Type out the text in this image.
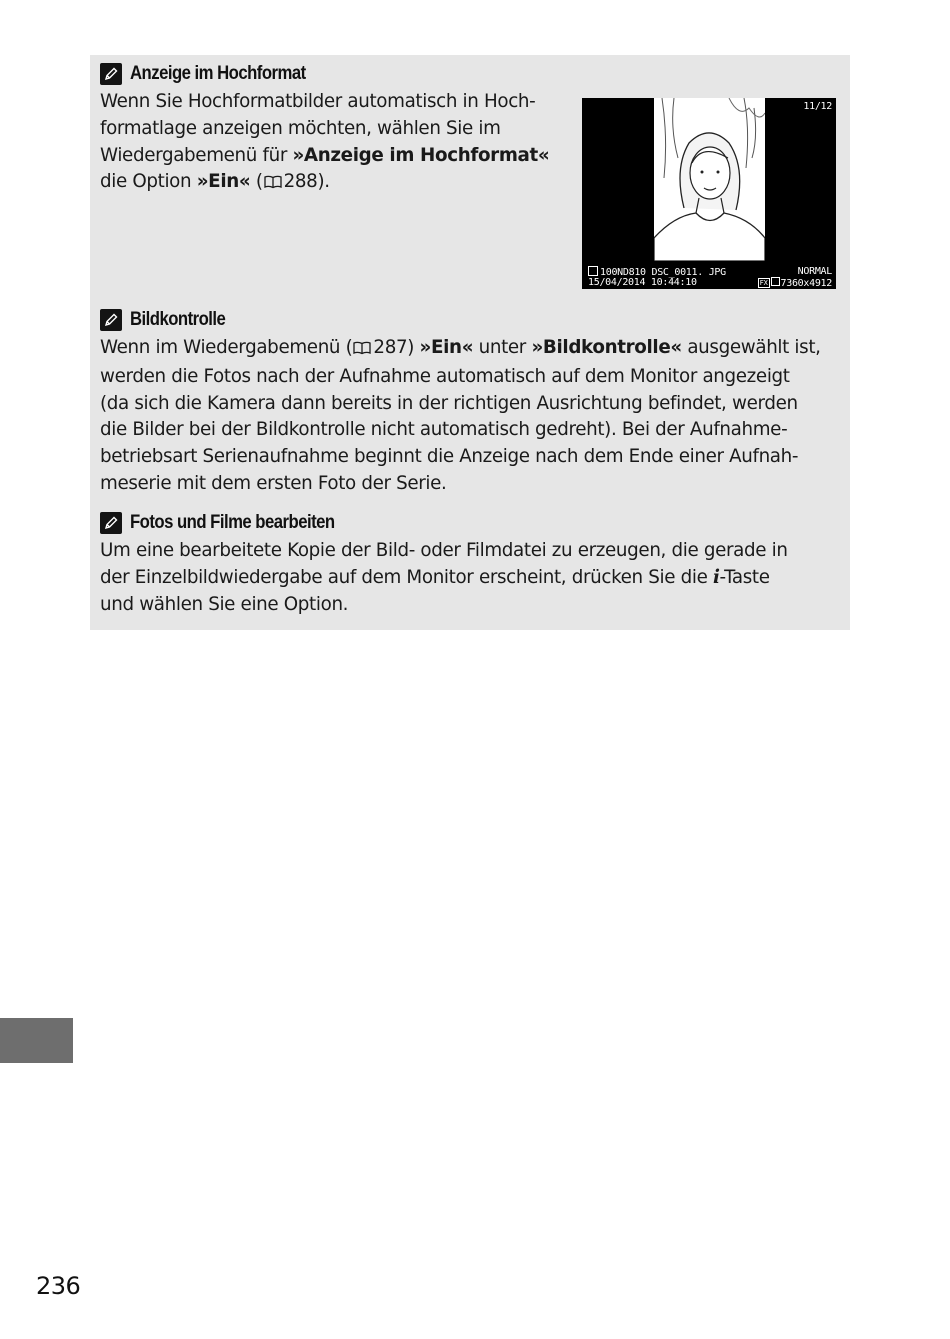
Anzeige im Hochformat

Wenn Sie Hochformatbilder automatisch in Hoch-
formatlage anzeigen möchten, wählen Sie im
Wiedergabemenü für »Anzeige im Hochformat«
die Option »Ein« ( 288).

11/12
100ND810 DSC_0011. JPG	NORMAL
15/04/2014 10:44:10	FX 7360x4912
Bildkontrolle

Wenn im Wiedergabemenü ( 287) »Ein« unter »Bildkontrolle« ausgewählt ist,
werden die Fotos nach der Aufnahme automatisch auf dem Monitor angezeigt
(da sich die Kamera dann bereits in der richtigen Ausrichtung befindet, werden
die Bilder bei der Bildkontrolle nicht automatisch gedreht). Bei der Aufnahme-
betriebsart Serienaufnahme beginnt die Anzeige nach dem Ende einer Aufnah-
meserie mit dem ersten Foto der Serie.

Fotos und Filme bearbeiten

Um eine bearbeitete Kopie der Bild- oder Filmdatei zu erzeugen, die gerade in
der Einzelbildwiedergabe auf dem Monitor erscheint, drücken Sie die i-Taste
und wählen Sie eine Option.

236
